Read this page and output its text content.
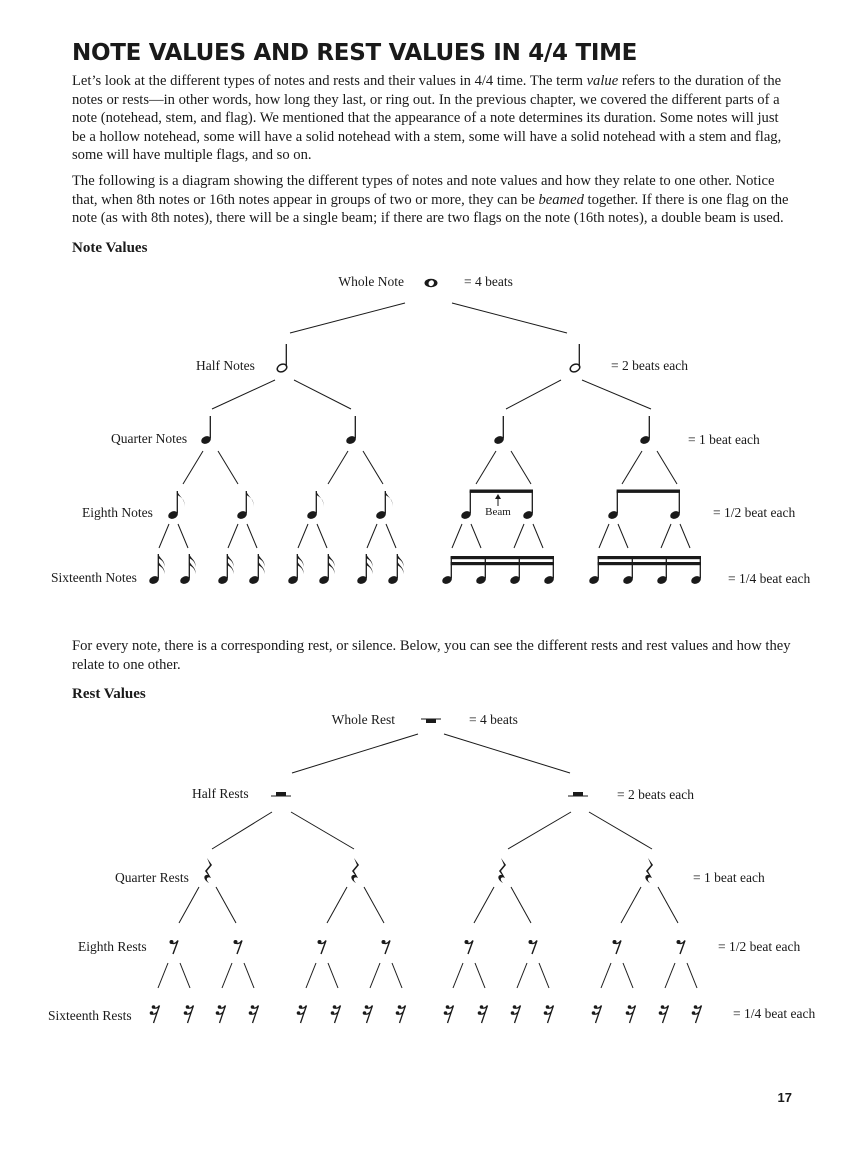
NOTE VALUES AND REST VALUES IN 4/4 TIME

Let’s look at the different types of notes and rests and their values in 4/4 time. The term value refers to the duration of the notes or rests—in other words, how long they last, or ring out. In the previous chapter, we covered the different parts of a note (notehead, stem, and flag). We mentioned that the appearance of a note determines its duration. Some notes will just be a hollow notehead, some will have a solid notehead with a stem, some will have a solid notehead with a stem and flag, some will have multiple flags, and so on.

The following is a diagram showing the different types of notes and note values and how they relate to one other. Notice that, when 8th notes or 16th notes appear in groups of two or more, they can be beamed together. If there is one flag on the note (as with 8th notes), there will be a single beam; if there are two flags on the note (16th notes), a double beam is used.

Note Values

For every note, there is a corresponding rest, or silence. Below, you can see the different rests and rest values and how they relate to one other.

Rest Values
Whole Note	= 4 beats
Half Notes	= 2 beats each
Quarter Notes	= 1 beat each
Eighth Notes	= 1/2 beat each
Sixteenth Notes	= 1/4 beat each
Beam
Whole Rest	= 4 beats
Half Rests	= 2 beats each
Quarter Rests	= 1 beat each
Eighth Rests	= 1/2 beat each
Sixteenth Rests	= 1/4 beat each
17
